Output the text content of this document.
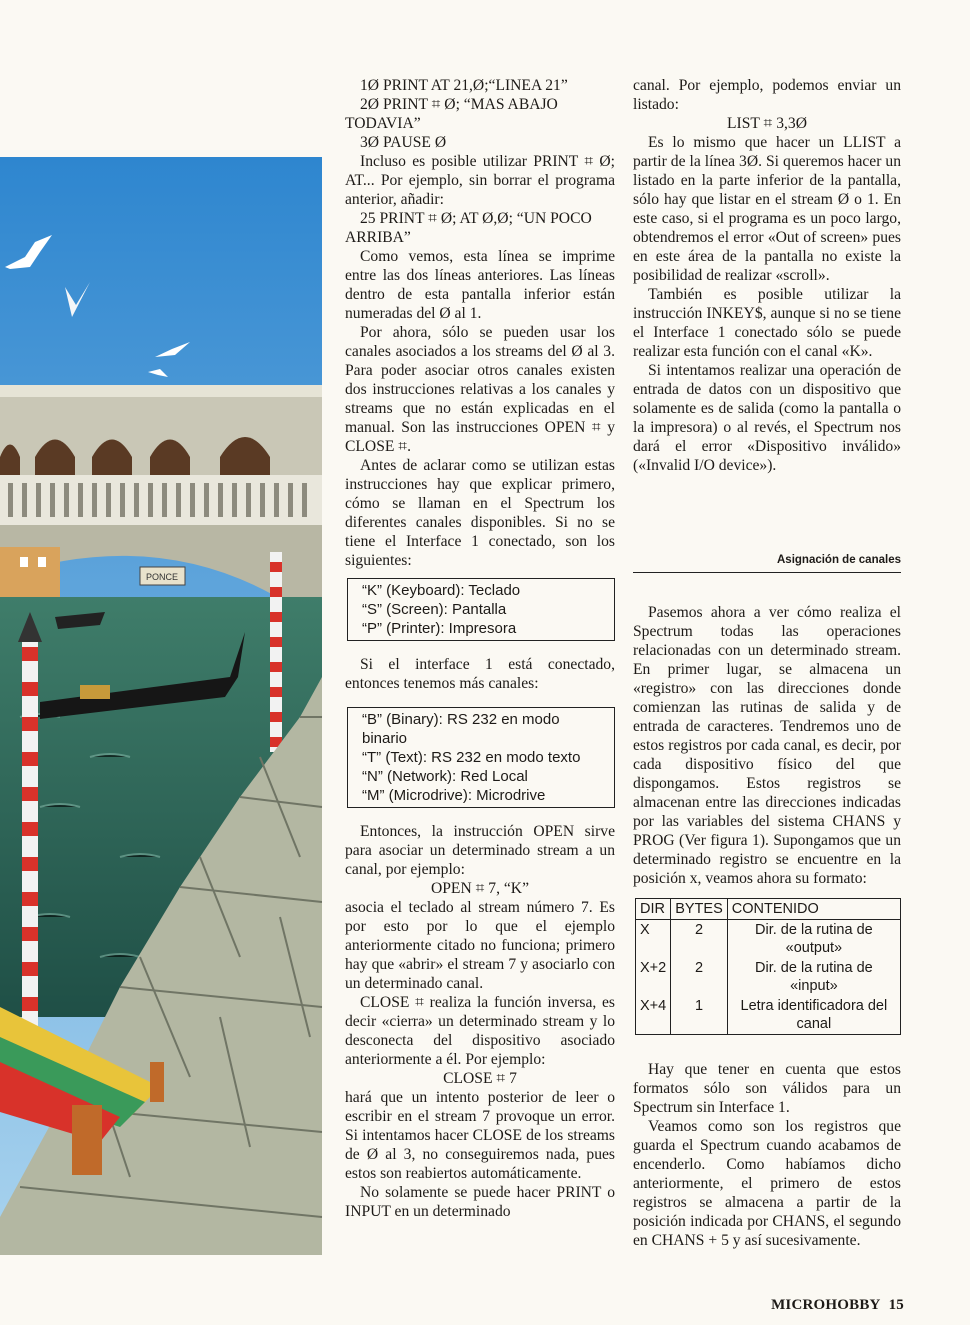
PONCE

1Ø PRINT AT 21,Ø;“LINEA 21”

2Ø PRINT ⌗ Ø; “MAS ABAJO TODAVIA”

3Ø PAUSE Ø

Incluso es posible utilizar PRINT ⌗ Ø; AT... Por ejemplo, sin borrar el programa anterior, añadir:

25 PRINT ⌗ Ø; AT Ø,Ø; “UN POCO ARRIBA”

Como vemos, esta línea se imprime entre las dos líneas anteriores. Las líneas dentro de esta pantalla inferior están numeradas del Ø al 1.

Por ahora, sólo se pueden usar los canales asociados a los streams del Ø al 3. Para poder asociar otros canales existen dos instrucciones relativas a los canales y streams que no están explicadas en el manual. Son las instrucciones OPEN ⌗ y CLOSE ⌗.

Antes de aclarar como se utilizan estas instrucciones hay que explicar primero, cómo se llaman en el Spectrum los diferentes canales disponibles. Si no se tiene el Interface 1 conectado, son los siguientes:

“K” (Keyboard): Teclado
“S” (Screen): Pantalla
“P” (Printer): Impresora

Si el interface 1 está conectado, entonces tenemos más canales:

“B” (Binary): RS 232 en modo
binario
“T” (Text): RS 232 en modo texto
“N” (Network): Red Local
“M” (Microdrive): Microdrive

Entonces, la instrucción OPEN sirve para asociar un determinado stream a un canal, por ejemplo:

OPEN ⌗ 7, “K”

asocia el teclado al stream número 7. Es por esto por lo que el ejemplo anteriormente citado no funciona; primero hay que «abrir» el stream 7 y asociarlo con un determinado canal.

CLOSE ⌗ realiza la función inversa, es decir «cierra» un determinado stream y lo desconecta del dispositivo asociado anteriormente a él. Por ejemplo:

CLOSE ⌗ 7

hará que un intento posterior de leer o escribir en el stream 7 provoque un error. Si intentamos hacer CLOSE de los streams de Ø al 3, no conseguiremos nada, pues estos son reabiertos automáticamente.

No solamente se puede hacer PRINT o INPUT en un determinado

canal. Por ejemplo, podemos enviar un listado:

LIST ⌗ 3,3Ø

Es lo mismo que hacer un LLIST a partir de la línea 3Ø. Si queremos hacer un listado en la parte inferior de la pantalla, sólo hay que listar en el stream Ø o 1. En este caso, si el programa es un poco largo, obtendremos el error «Out of screen» pues en este área de la pantalla no existe la posibilidad de realizar «scroll».

También es posible utilizar la instrucción INKEY$, aunque si no se tiene el Interface 1 conectado sólo se puede realizar esta función con el canal «K».

Si intentamos realizar una operación de entrada de datos con un dispositivo que solamente es de salida (como la pantalla o la impresora) o al revés, el Spectrum nos dará el error «Dispositivo inválido» («Invalid I/O device»).

Asignación de canales

Pasemos ahora a ver cómo realiza el Spectrum todas las operaciones relacionadas con un determinado stream. En primer lugar, se almacena un «registro» con las direcciones donde comienzan las rutinas de salida y de entrada de caracteres. Tendremos uno de estos registros por cada canal, es decir, por cada dispositivo físico del que dispongamos. Estos registros se almacenan entre las direcciones indicadas por las variables del sistema CHANS y PROG (Ver figura 1). Supongamos que un determinado registro se encuentre en la posición x, veamos ahora su formato:

DIR	BYTES	CONTENIDO
X	2	Dir. de la rutina de «output»
X+2	2	Dir. de la rutina de «input»
X+4	1	Letra identificadora del canal

Hay que tener en cuenta que estos formatos sólo son válidos para un Spectrum sin Interface 1.

Veamos como son los registros que guarda el Spectrum cuando acabamos de encenderlo. Como habíamos dicho anteriormente, el primero de estos registros se almacena a partir de la posición indicada por CHANS, el segundo en CHANS + 5 y así sucesivamente.

MICROHOBBY 15
